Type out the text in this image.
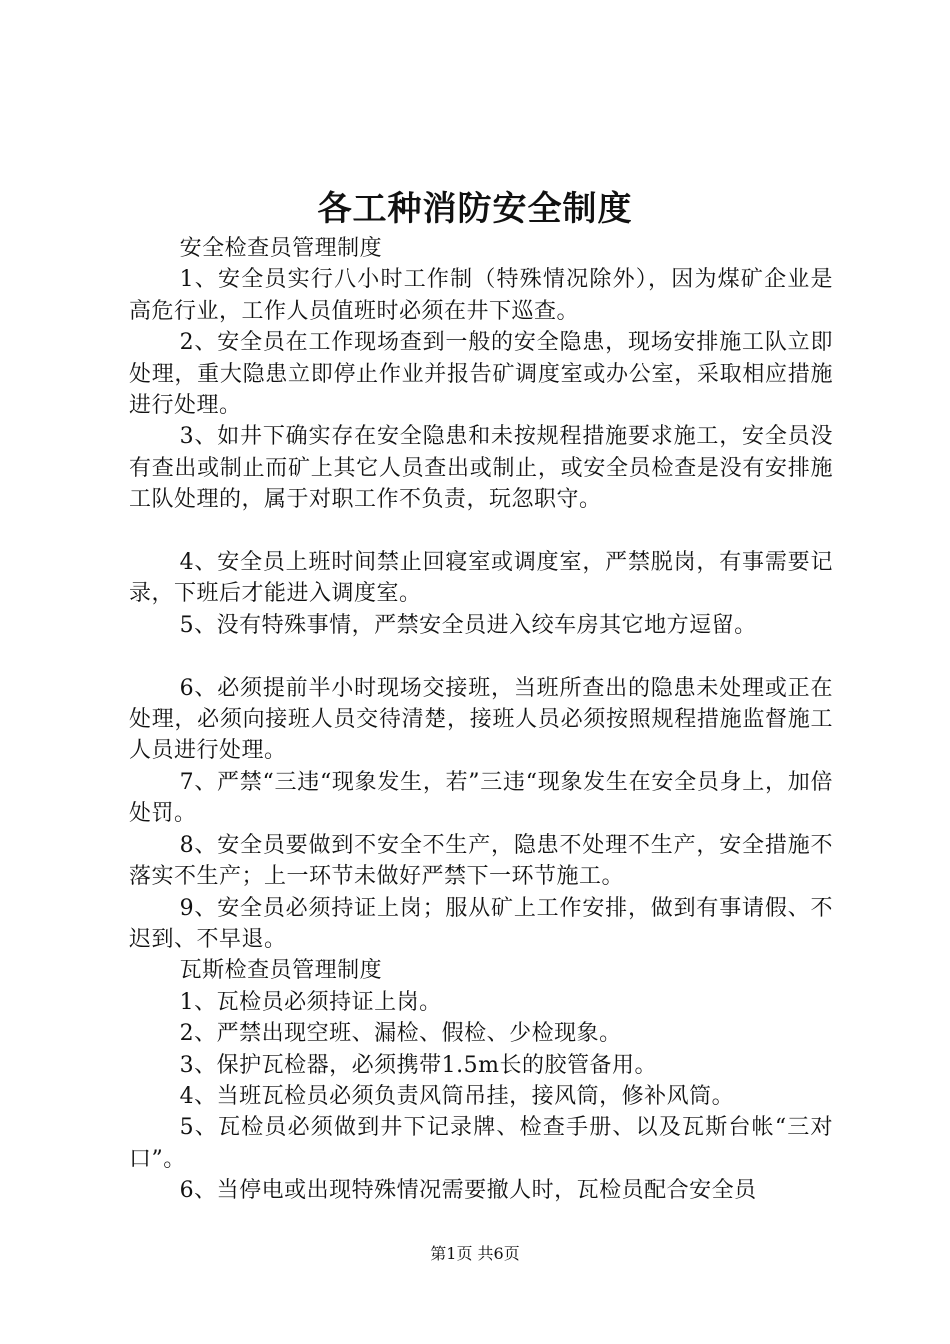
各工种消防安全制度

安全检查员管理制度

1、安全员实行八小时工作制（特殊情况除外），因为煤矿企业是高危行业，工作人员值班时必须在井下巡查。

2、安全员在工作现场查到一般的安全隐患，现场安排施工队立即处理，重大隐患立即停止作业并报告矿调度室或办公室，采取相应措施进行处理。

3、如井下确实存在安全隐患和未按规程措施要求施工，安全员没有查出或制止而矿上其它人员查出或制止，或安全员检查是没有安排施工队处理的，属于对职工作不负责，玩忽职守。

4、安全员上班时间禁止回寝室或调度室，严禁脱岗，有事需要记录，下班后才能进入调度室。

5、没有特殊事情，严禁安全员进入绞车房其它地方逗留。

6、必须提前半小时现场交接班，当班所查出的隐患未处理或正在处理，必须向接班人员交待清楚，接班人员必须按照规程措施监督施工人员进行处理。

7、严禁“三违“现象发生，若”三违“现象发生在安全员身上，加倍处罚。

8、安全员要做到不安全不生产，隐患不处理不生产，安全措施不落实不生产；上一环节未做好严禁下一环节施工。

9、安全员必须持证上岗；服从矿上工作安排，做到有事请假、不迟到、不早退。

瓦斯检查员管理制度

1、瓦检员必须持证上岗。

2、严禁出现空班、漏检、假检、少检现象。

3、保护瓦检器，必须携带1.5m长的胶管备用。

4、当班瓦检员必须负责风筒吊挂，接风筒，修补风筒。

5、瓦检员必须做到井下记录牌、检查手册、以及瓦斯台帐“三对口”。

6、当停电或出现特殊情况需要撤人时，瓦检员配合安全员

第1页 共6页
